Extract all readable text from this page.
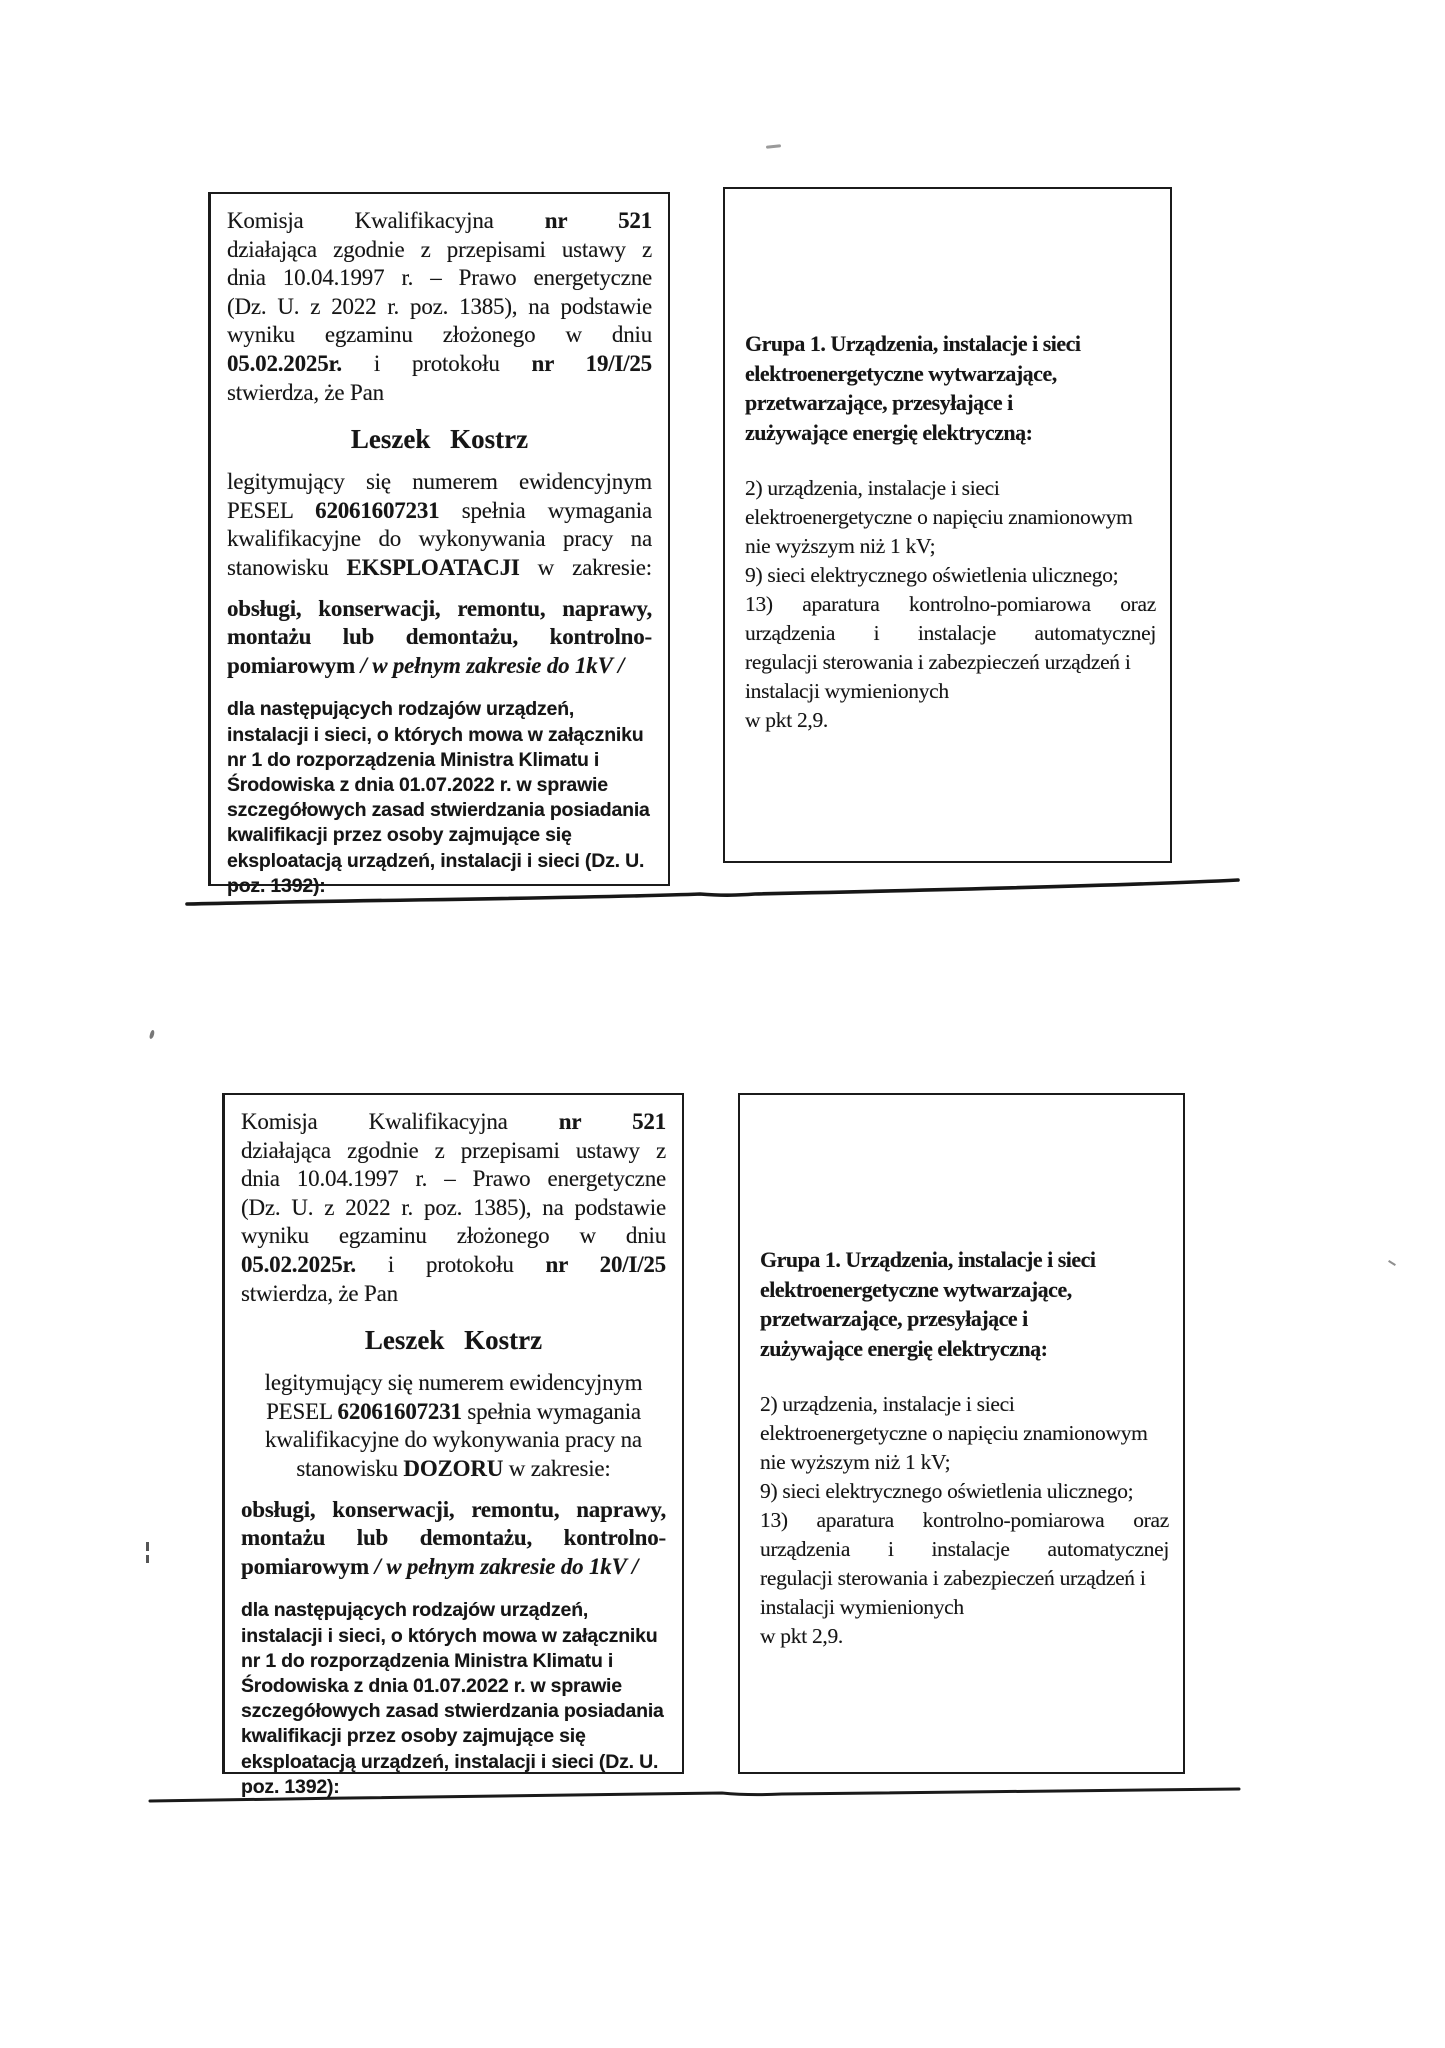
Komisja Kwalifikacyjna nr 521
działająca zgodnie z przepisami ustawy z
dnia 10.04.1997 r. – Prawo energetyczne
(Dz. U. z 2022 r. poz. 1385), na podstawie
wyniku egzaminu złożonego w dniu
05.02.2025r. i protokołu nr 19/I/25
stwierdza, że Pan
Leszek Kostrz
legitymujący się numerem ewidencyjnym
PESEL 62061607231 spełnia wymagania
kwalifikacyjne do wykonywania pracy na
stanowisku EKSPLOATACJI w zakresie:
obsługi, konserwacji, remontu, naprawy,
montażu lub demontażu, kontrolno-
pomiarowym / w pełnym zakresie do 1kV /
dla następujących rodzajów urządzeń, instalacji i sieci, o których mowa w załączniku nr 1 do rozporządzenia Ministra Klimatu i Środowiska z dnia 01.07.2022 r. w sprawie szczegółowych zasad stwierdzania posiadania kwalifikacji przez osoby zajmujące się eksploatacją urządzeń, instalacji i sieci (Dz. U. poz. 1392):
Grupa 1. Urządzenia, instalacje i sieci
elektroenergetyczne wytwarzające,
przetwarzające, przesyłające i
zużywające energię elektryczną:
2) urządzenia, instalacje i sieci
elektroenergetyczne o napięciu znamionowym
nie wyższym niż 1 kV;
9) sieci elektrycznego oświetlenia ulicznego;
13) aparatura kontrolno-pomiarowa oraz
urządzenia i instalacje automatycznej
regulacji sterowania i zabezpieczeń urządzeń i
instalacji wymienionych
w pkt 2,9.
Komisja Kwalifikacyjna nr 521
działająca zgodnie z przepisami ustawy z
dnia 10.04.1997 r. – Prawo energetyczne
(Dz. U. z 2022 r. poz. 1385), na podstawie
wyniku egzaminu złożonego w dniu
05.02.2025r. i protokołu nr 20/I/25
stwierdza, że Pan
Leszek Kostrz
legitymujący się numerem ewidencyjnym
PESEL 62061607231 spełnia wymagania
kwalifikacyjne do wykonywania pracy na
stanowisku DOZORU w zakresie:
obsługi, konserwacji, remontu, naprawy,
montażu lub demontażu, kontrolno-
pomiarowym / w pełnym zakresie do 1kV /
dla następujących rodzajów urządzeń, instalacji i sieci, o których mowa w załączniku nr 1 do rozporządzenia Ministra Klimatu i Środowiska z dnia 01.07.2022 r. w sprawie szczegółowych zasad stwierdzania posiadania kwalifikacji przez osoby zajmujące się eksploatacją urządzeń, instalacji i sieci (Dz. U. poz. 1392):
Grupa 1. Urządzenia, instalacje i sieci
elektroenergetyczne wytwarzające,
przetwarzające, przesyłające i
zużywające energię elektryczną:
2) urządzenia, instalacje i sieci
elektroenergetyczne o napięciu znamionowym
nie wyższym niż 1 kV;
9) sieci elektrycznego oświetlenia ulicznego;
13) aparatura kontrolno-pomiarowa oraz
urządzenia i instalacje automatycznej
regulacji sterowania i zabezpieczeń urządzeń i
instalacji wymienionych
w pkt 2,9.
